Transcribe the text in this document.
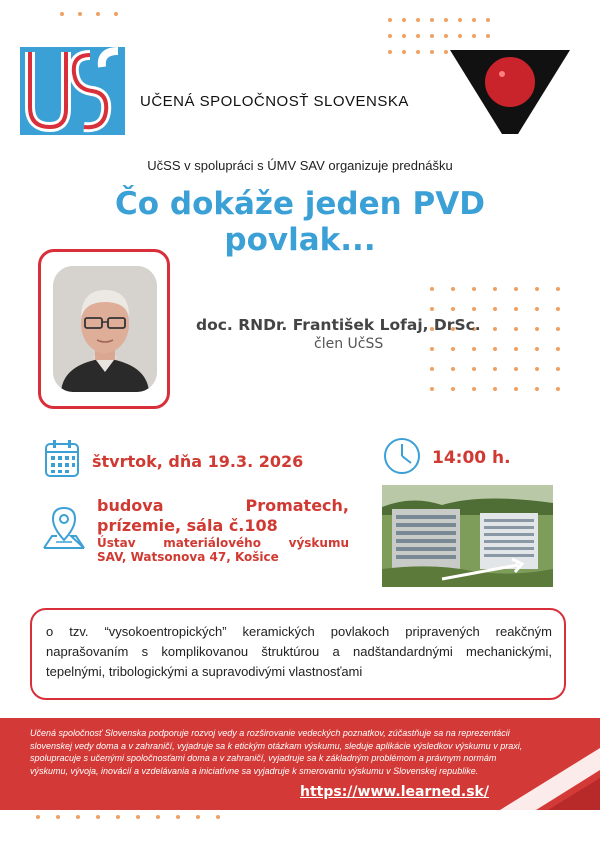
UČENÁ SPOLOČNOSŤ SLOVENSKA
UčSS v spolupráci s ÚMV SAV organizuje prednášku
Čo dokáže jeden PVD
povlak...
doc. RNDr. František Lofaj, DrSc.
člen UčSS
štvrtok, dňa 19.3. 2026	14:00 h.
budova Promatech,
prízemie, sála č.108
Ústav materiálového výskumu
SAV, Watsonova 47, Košice
o tzv. “vysokoentropických” keramických povlakoch pripravených reakčným naprašovaním s komplikovanou štruktúrou a nadštandardnými mechanickými, tepelnými, tribologickými a supravodivými vlastnosťami
Učená spoločnosť Slovenska podporuje rozvoj vedy a rozširovanie vedeckých poznatkov, zúčastňuje sa na reprezentácii slovenskej vedy doma a v zahraničí, vyjadruje sa k etickým otázkam výskumu, sleduje aplikácie výsledkov výskumu v praxi, spolupracuje s učenými spoločnosťami doma a v zahraničí, vyjadruje sa k základným problémom a právnym normám výskumu, vývoja, inovácií a vzdelávania a iniciatívne sa vyjadruje k smerovaniu výskumu v Slovenskej republike.
https://www.learned.sk/
